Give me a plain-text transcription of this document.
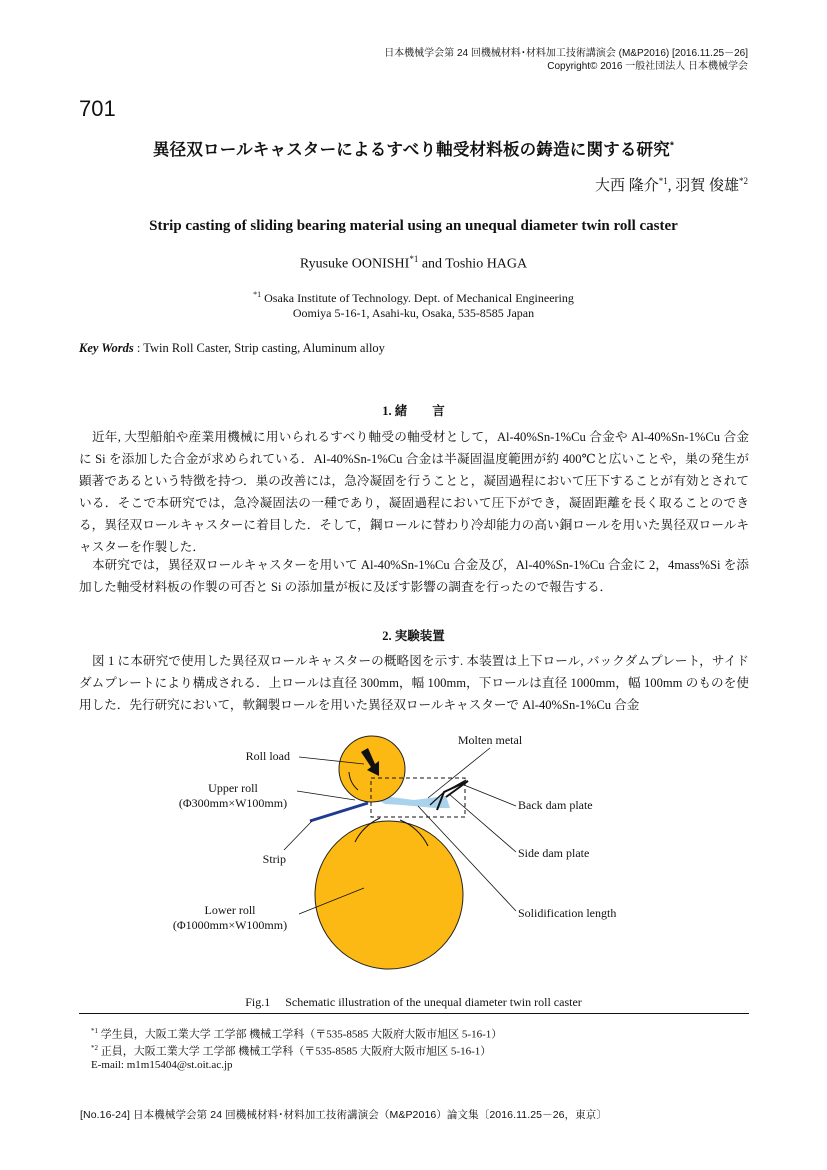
日本機械学会第 24 回機械材料･材料加工技術講演会 (M&P2016) [2016.11.25－26]
Copyright© 2016 一般社団法人 日本機械学会
701
異径双ロールキャスターによるすべり軸受材料板の鋳造に関する研究*
大西 隆介$^{*1}$, 羽賀 俊雄$^{*2}$
Strip casting of sliding bearing material using an unequal diameter twin roll caster
Ryusuke OONISHI$^{*1}$ and Toshio HAGA
$^{*1}$ Osaka Institute of Technology. Dept. of Mechanical Engineering
Oomiya 5-16-1, Asahi-ku, Osaka, 535-8585 Japan
Key Words : Twin Roll Caster, Strip casting, Aluminum alloy
1. 緒　　言

近年, 大型船舶や産業用機械に用いられるすべり軸受の軸受材として，Al-40%Sn-1%Cu 合金や Al-40%Sn-1%Cu 合金に Si を添加した合金が求められている．Al-40%Sn-1%Cu 合金は半凝固温度範囲が約 400℃と広いことや，巣の発生が顕著であるという特徴を持つ．巣の改善には，急冷凝固を行うことと，凝固過程において圧下することが有効とされている．そこで本研究では，急冷凝固法の一種であり，凝固過程において圧下ができ，凝固距離を長く取ることのできる，異径双ロールキャスターに着目した．そして，鋼ロールに替わり冷却能力の高い銅ロールを用いた異径双ロールキャスターを作製した．

本研究では，異径双ロールキャスターを用いて Al-40%Sn-1%Cu 合金及び，Al-40%Sn-1%Cu 合金に 2，4mass%Si を添加した軸受材料板の作製の可否と Si の添加量が板に及ぼす影響の調査を行ったので報告する．

2. 実験装置

図 1 に本研究で使用した異径双ロールキャスターの概略図を示す. 本装置は上下ロール, バックダムプレート，サイドダムプレートにより構成される．上ロールは直径 300mm，幅 100mm，下ロールは直径 1000mm，幅 100mm のものを使用した．先行研究において，軟鋼製ロールを用いた異径双ロールキャスターで Al-40%Sn-1%Cu 合金

Roll load
Molten metal
Upper roll
(Φ300mm×W100mm)	Back dam plate
Strip	Side dam plate
Lower roll
(Φ1000mm×W100mm)
Solidification length
Fig.1　 Schematic illustration of the unequal diameter twin roll caster
$^{*1}$ 学生員，大阪工業大学 工学部 機械工学科（〒535-8585 大阪府大阪市旭区 5-16-1）
$^{*2}$ 正員，大阪工業大学 工学部 機械工学科（〒535-8585 大阪府大阪市旭区 5-16-1）
E-mail: m1m15404@st.oit.ac.jp
[No.16-24] 日本機械学会第 24 回機械材料･材料加工技術講演会（M&P2016）論文集〔2016.11.25－26，東京〕
